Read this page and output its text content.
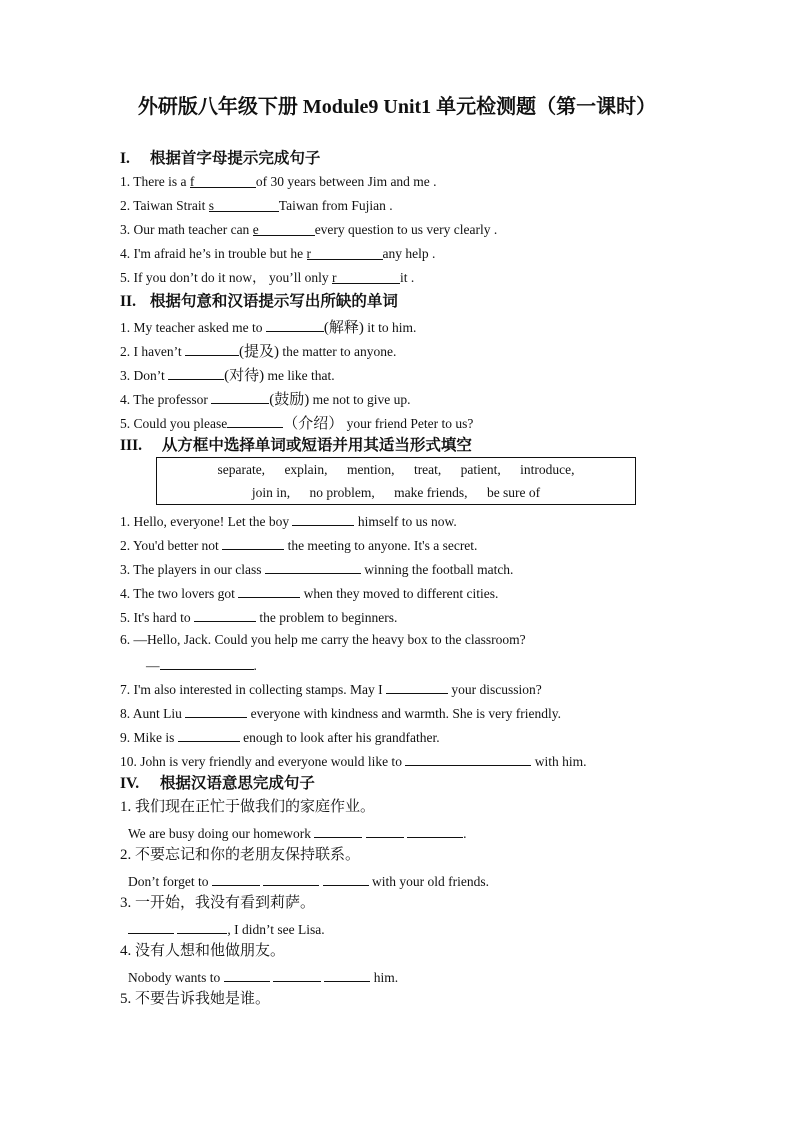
外研版八年级下册 Module9 Unit1 单元检测题（第一课时）
I. 根据首字母提示完成句子
1. There is a f	of 30 years between Jim and me .
2. Taiwan Strait s	Taiwan from Fujian .
3. Our math teacher can e	every question to us very clearly .
4. I'm afraid he’s in trouble but he r	any help .
5. If you don’t do it now， you’ll only r	it .
II. 根据句意和汉语提示写出所缺的单词
1. My teacher asked me to	(解释) it to him.
2. I haven’t	(提及) the matter to anyone.
3. Don’t	(对待) me like that.
4. The professor	(鼓励) me not to give up.
5. Could you please	（介绍） your friend Peter to us?
III. 从方框中选择单词或短语并用其适当形式填空
separate, explain, mention, treat, patient, introduce,
join in, no problem, make friends, be sure of
1. Hello, everyone! Let the boy	himself to us now.
2. You'd better not	the meeting to anyone. It's a secret.
3. The players in our class	winning the football match.
4. The two lovers got	when they moved to different cities.
5. It's hard to	the problem to beginners.
6. —Hello, Jack. Could you help me carry the heavy box to the classroom?
—	.
7. I'm also interested in collecting stamps. May I	your discussion?
8. Aunt Liu	everyone with kindness and warmth. She is very friendly.
9. Mike is	enough to look after his grandfather.
10. John is very friendly and everyone would like to	with him.
IV. 根据汉语意思完成句子
1. 我们现在正忙于做我们的家庭作业。
We are busy doing our homework	.
2. 不要忘记和你的老朋友保持联系。
Don’t forget to	with your old friends.
3. 一开始，我没有看到莉萨。
, I didn’t see Lisa.
4. 没有人想和他做朋友。
Nobody wants to	him.
5. 不要告诉我她是谁。
